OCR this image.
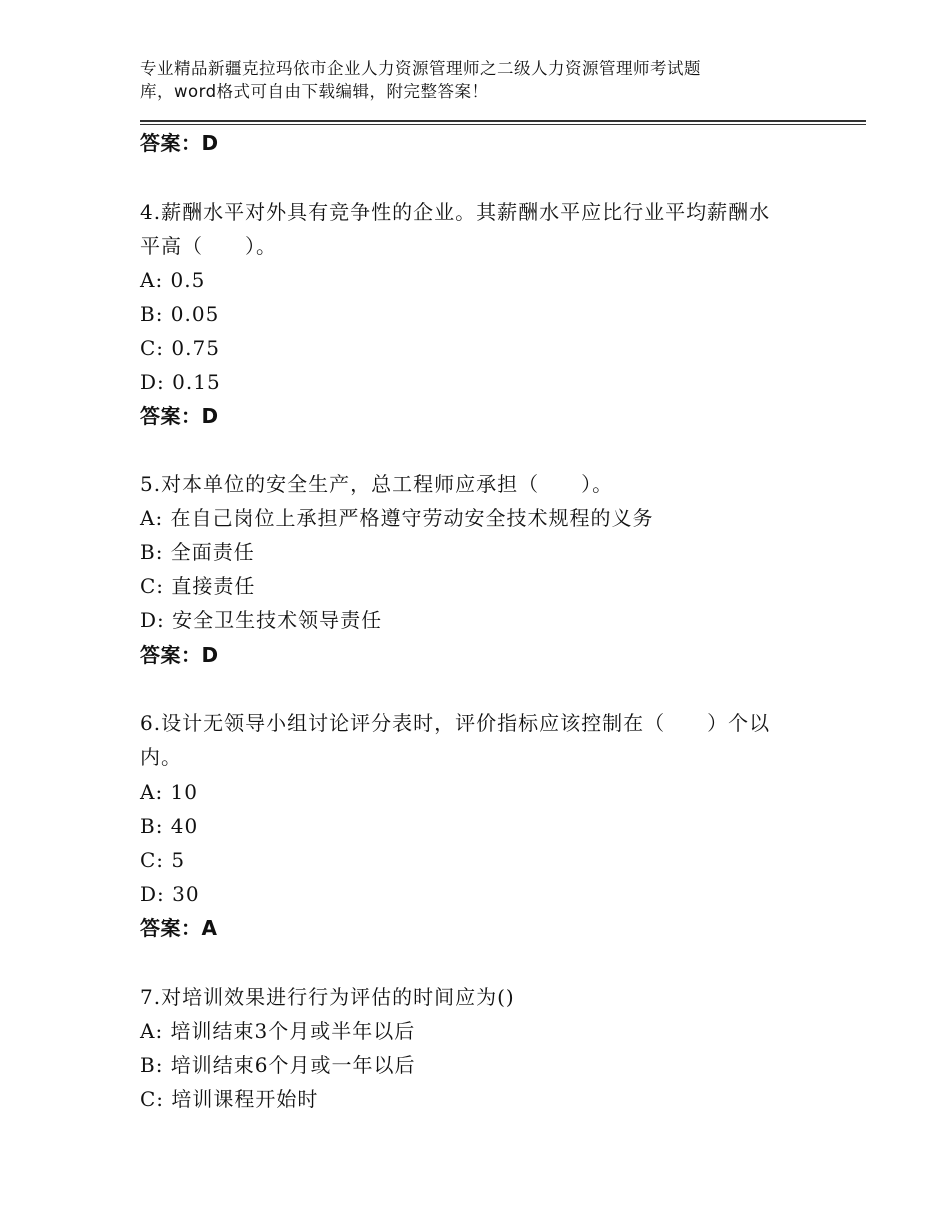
专业精品新疆克拉玛依市企业人力资源管理师之二级人力资源管理师考试题
库，word格式可自由下载编辑，附完整答案！
答案：D
4.薪酬水平对外具有竞争性的企业。其薪酬水平应比行业平均薪酬水
平高（　　）。
A: 0.5
B: 0.05
C: 0.75
D: 0.15
答案：D
5.对本单位的安全生产，总工程师应承担（　　）。
A: 在自己岗位上承担严格遵守劳动安全技术规程的义务
B: 全面责任
C: 直接责任
D: 安全卫生技术领导责任
答案：D
6.设计无领导小组讨论评分表时，评价指标应该控制在（　　）个以
内。
A: 10
B: 40
C: 5
D: 30
答案：A
7.对培训效果进行行为评估的时间应为()
A: 培训结束3个月或半年以后
B: 培训结束6个月或一年以后
C: 培训课程开始时
